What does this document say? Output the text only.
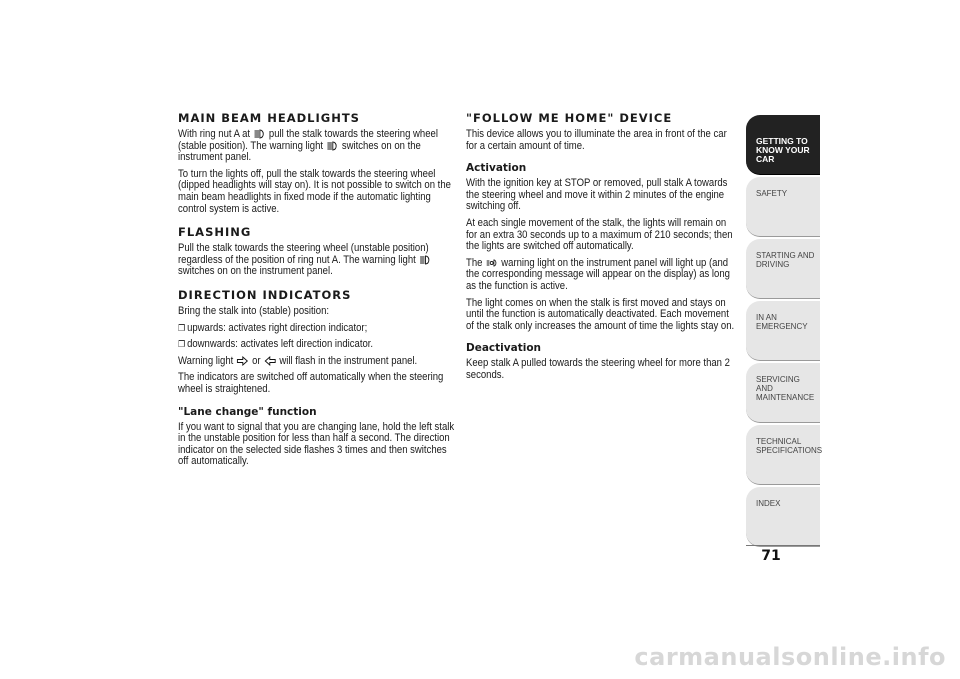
MAIN BEAM HEADLIGHTS

With ring nut A at pull the stalk towards the steering wheel (stable position). The warning light switches on on the instrument panel.

To turn the lights off, pull the stalk towards the steering wheel (dipped headlights will stay on). It is not possible to switch on the main beam headlights in fixed mode if the automatic lighting control system is active.

FLASHING

Pull the stalk towards the steering wheel (unstable position) regardless of the position of ring nut A. The warning light
switches on on the instrument panel.

DIRECTION INDICATORS

Bring the stalk into (stable) position:

❐ upwards: activates right direction indicator;

❐ downwards: activates left direction indicator.

Warning light or will flash in the instrument panel.

The indicators are switched off automatically when the steering wheel is straightened.

"Lane change" function

If you want to signal that you are changing lane, hold the left stalk in the unstable position for less than half a second. The direction indicator on the selected side flashes 3 times and then switches off automatically.

"FOLLOW ME HOME" DEVICE

This device allows you to illuminate the area in front of the car for a certain amount of time.

Activation

With the ignition key at STOP or removed, pull stalk A towards the steering wheel and move it within 2 minutes of the engine switching off.

At each single movement of the stalk, the lights will remain on for an extra 30 seconds up to a maximum of 210 seconds; then the lights are switched off automatically.

The warning light on the instrument panel will light up (and the corresponding message will appear on the display) as long as the function is active.

The light comes on when the stalk is first moved and stays on until the function is automatically deactivated. Each movement of the stalk only increases the amount of time the lights stay on.

Deactivation

Keep stalk A pulled towards the steering wheel for more than 2 seconds.

GETTING TO KNOW YOUR CAR
SAFETY
STARTING AND DRIVING
IN AN EMERGENCY
SERVICING AND MAINTENANCE
TECHNICAL SPECIFICATIONS
INDEX
71
carmanualsonline.info
